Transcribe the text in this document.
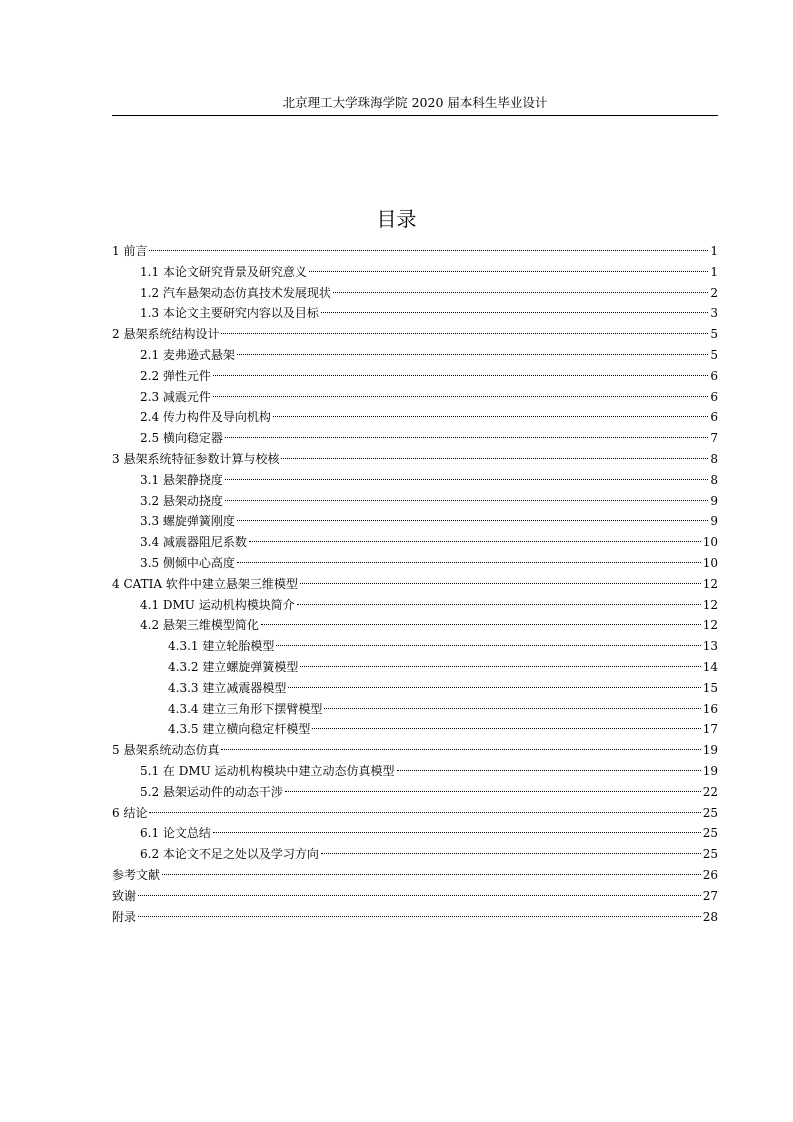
北京理工大学珠海学院 2020 届本科生毕业设计
目录
1 前言	1
1.1 本论文研究背景及研究意义	1
1.2 汽车悬架动态仿真技术发展现状	2
1.3 本论文主要研究内容以及目标	3
2 悬架系统结构设计	5
2.1 麦弗逊式悬架	5
2.2 弹性元件	6
2.3 减震元件	6
2.4 传力构件及导向机构	6
2.5 横向稳定器	7
3 悬架系统特征参数计算与校核	8
3.1 悬架静挠度	8
3.2 悬架动挠度	9
3.3 螺旋弹簧刚度	9
3.4 减震器阻尼系数	10
3.5 侧倾中心高度	10
4 CATIA 软件中建立悬架三维模型	12
4.1 DMU 运动机构模块简介	12
4.2 悬架三维模型简化	12
4.3.1 建立轮胎模型	13
4.3.2 建立螺旋弹簧模型	14
4.3.3 建立减震器模型	15
4.3.4 建立三角形下摆臂模型	16
4.3.5 建立横向稳定杆模型	17
5 悬架系统动态仿真	19
5.1 在 DMU 运动机构模块中建立动态仿真模型	19
5.2 悬架运动件的动态干涉	22
6 结论	25
6.1 论文总结	25
6.2 本论文不足之处以及学习方向	25
参考文献	26
致谢	27
附录	28
